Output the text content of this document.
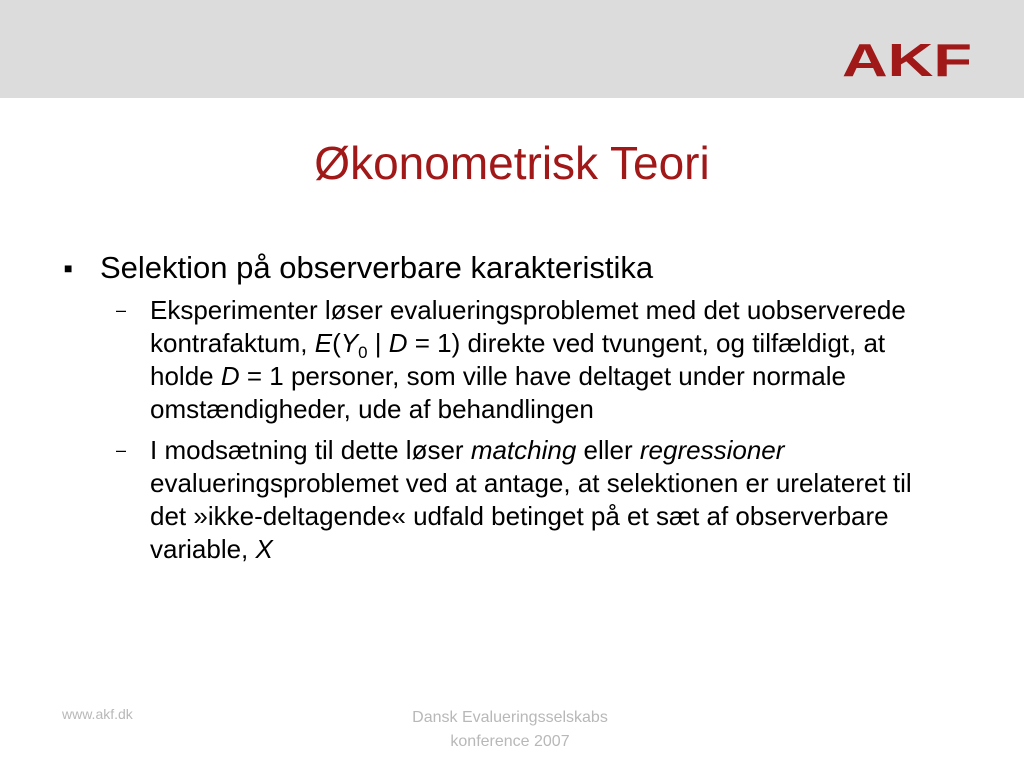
AKF
Økonometrisk Teori
■ Selektion på observerbare karakteristika
– Eksperimenter løser evalueringsproblemet med det uobserverede kontrafaktum, $E(Y_0$ | D = 1) direkte ved tvungent, og tilfældigt, at holde D = 1 personer, som ville have deltaget under normale omstændigheder, ude af behandlingen
– I modsætning til dette løser matching eller regressioner evalueringsproblemet ved at antage, at selektionen er urelateret til det »ikke-deltagende« udfald betinget på et sæt af observerbare variable, X
www.akf.dk	Dansk Evalueringsselskabs
konference 2007
